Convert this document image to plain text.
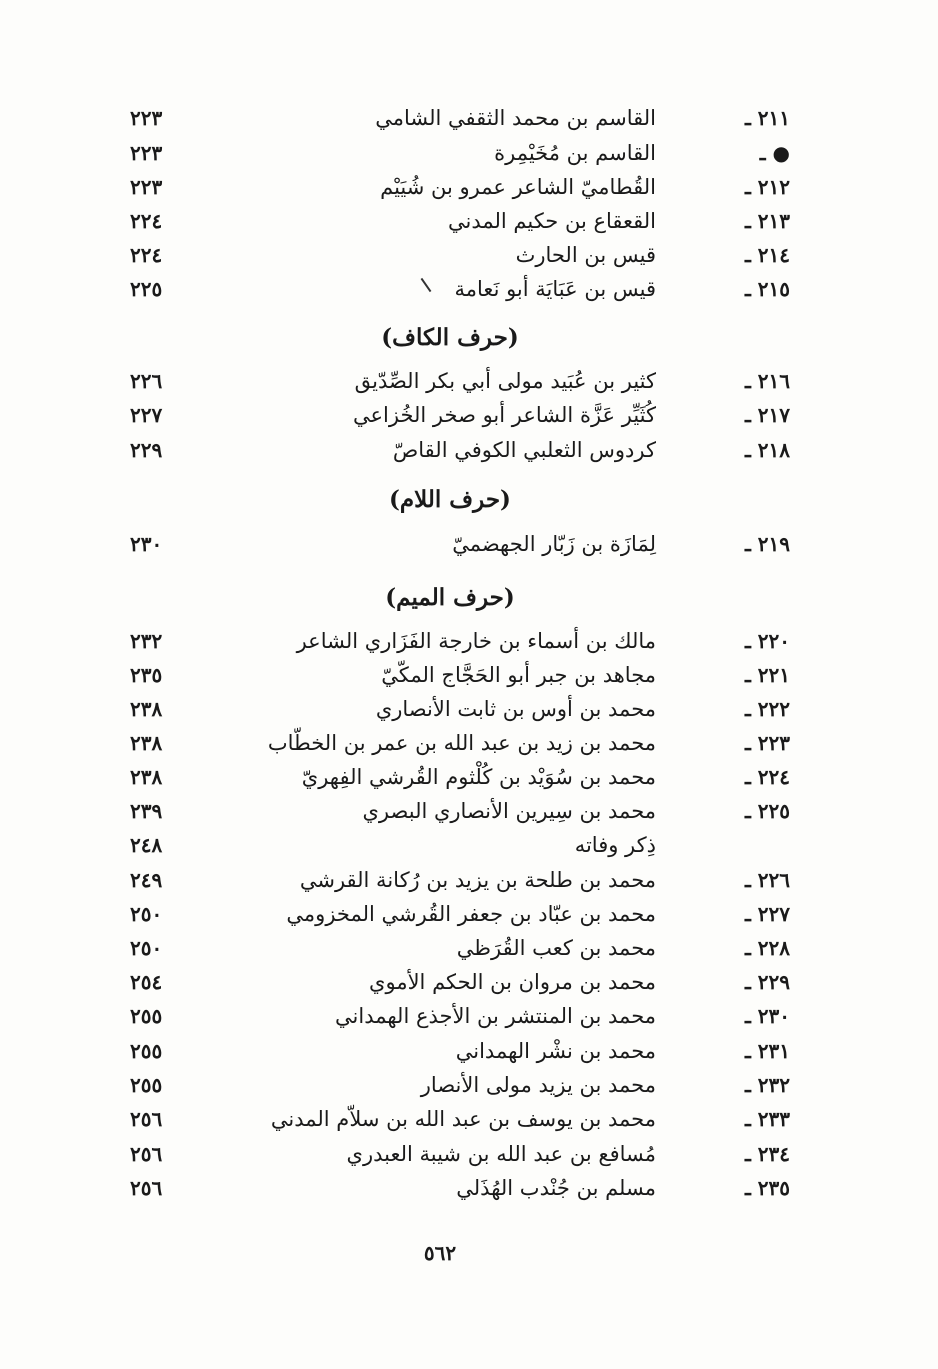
٢١١ ـ
القاسم بن محمد الثقفي الشامي
٢٢٣
● ـ
القاسم بن مُخَيْمِرة
٢٢٣
٢١٢ ـ
القُطاميّ الشاعر عمرو بن شُيَيْم
٢٢٣
٢١٣ ـ
القعقاع بن حكيم المدني
٢٢٤
٢١٤ ـ
قيس بن الحارث
٢٢٤
٢١٥ ـ
قيس بن عَبَايَة أبو نَعامة
٢٢٥
(حرف الكاف)
٢١٦ ـ
كثير بن عُبَيد مولى أبي بكر الصِّدّيق
٢٢٦
٢١٧ ـ
كُثَيِّر عَزَّة الشاعر أبو صخر الخُزاعي
٢٢٧
٢١٨ ـ
كردوس الثعلبي الكوفي القاصّ
٢٢٩
(حرف اللام)
٢١٩ ـ
لِمَازَة بن زَبّار الجهضميّ
٢٣٠
(حرف الميم)
٢٢٠ ـ
مالك بن أسماء بن خارجة الفَزَاري الشاعر
٢٣٢
٢٢١ ـ
مجاهد بن جبر أبو الحَجَّاج المكّيّ
٢٣٥
٢٢٢ ـ
محمد بن أوس بن ثابت الأنصاري
٢٣٨
٢٢٣ ـ
محمد بن زيد بن عبد الله بن عمر بن الخطّاب
٢٣٨
٢٢٤ ـ
محمد بن سُوَيْد بن كُلْثوم القُرشي الفِهريّ
٢٣٨
٢٢٥ ـ
محمد بن سِيرين الأنصاري البصري
٢٣٩
ذِكر وفاته
٢٤٨
٢٢٦ ـ
محمد بن طلحة بن يزيد بن رُكانة القرشي
٢٤٩
٢٢٧ ـ
محمد بن عبّاد بن جعفر القُرشي المخزومي
٢٥٠
٢٢٨ ـ
محمد بن كعب القُرَظي
٢٥٠
٢٢٩ ـ
محمد بن مروان بن الحكم الأموي
٢٥٤
٢٣٠ ـ
محمد بن المنتشر بن الأجذع الهمداني
٢٥٥
٢٣١ ـ
محمد بن نشْر الهمداني
٢٥٥
٢٣٢ ـ
محمد بن يزيد مولى الأنصار
٢٥٥
٢٣٣ ـ
محمد بن يوسف بن عبد الله بن سلاّم المدني
٢٥٦
٢٣٤ ـ
مُسافع بن عبد الله بن شيبة العبدري
٢٥٦
٢٣٥ ـ
مسلم بن جُنْدب الهُذَلي
٢٥٦
٥٦٢
